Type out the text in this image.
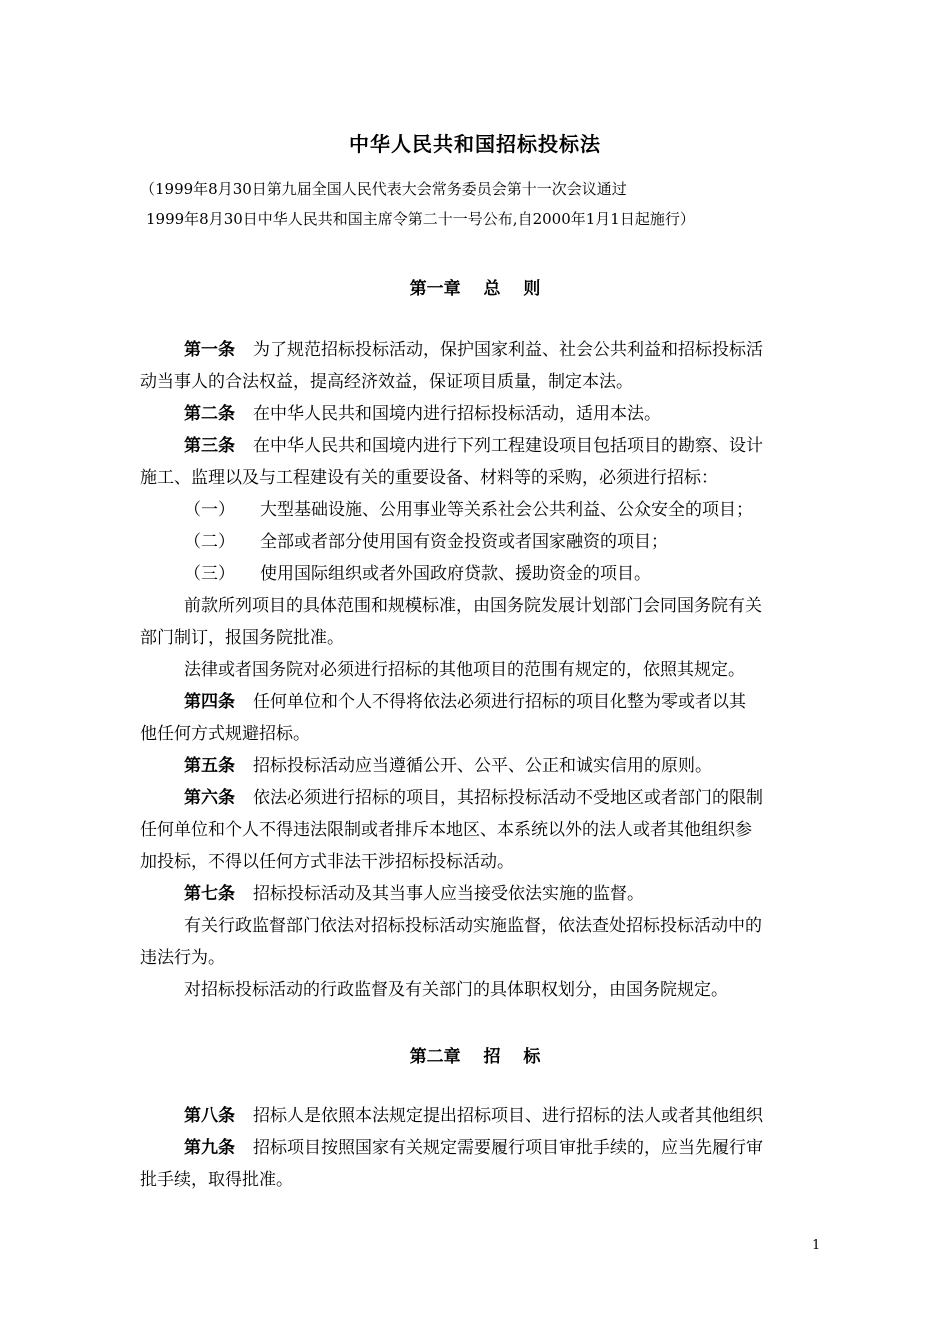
中华人民共和国招标投标法
（1999年8月30日第九届全国人民代表大会常务委员会第十一次会议通过
1999年8月30日中华人民共和国主席令第二十一号公布,自2000年1月1日起施行）
第一章　 总　 则
第一条 为了规范招标投标活动，保护国家利益、社会公共利益和招标投标活
动当事人的合法权益，提高经济效益，保证项目质量，制定本法。
第二条 在中华人民共和国境内进行招标投标活动，适用本法。
第三条 在中华人民共和国境内进行下列工程建设项目包括项目的勘察、设计
施工、监理以及与工程建设有关的重要设备、材料等的采购，必须进行招标：
（一） 大型基础设施、公用事业等关系社会公共利益、公众安全的项目；
（二） 全部或者部分使用国有资金投资或者国家融资的项目；
（三） 使用国际组织或者外国政府贷款、援助资金的项目。
前款所列项目的具体范围和规模标准，由国务院发展计划部门会同国务院有关
部门制订，报国务院批准。
法律或者国务院对必须进行招标的其他项目的范围有规定的，依照其规定。
第四条 任何单位和个人不得将依法必须进行招标的项目化整为零或者以其
他任何方式规避招标。
第五条 招标投标活动应当遵循公开、公平、公正和诚实信用的原则。
第六条 依法必须进行招标的项目，其招标投标活动不受地区或者部门的限制
任何单位和个人不得违法限制或者排斥本地区、本系统以外的法人或者其他组织参
加投标，不得以任何方式非法干涉招标投标活动。
第七条 招标投标活动及其当事人应当接受依法实施的监督。
有关行政监督部门依法对招标投标活动实施监督，依法查处招标投标活动中的
违法行为。
对招标投标活动的行政监督及有关部门的具体职权划分，由国务院规定。
第二章　 招　 标
第八条 招标人是依照本法规定提出招标项目、进行招标的法人或者其他组织
第九条 招标项目按照国家有关规定需要履行项目审批手续的，应当先履行审
批手续，取得批准。
1
